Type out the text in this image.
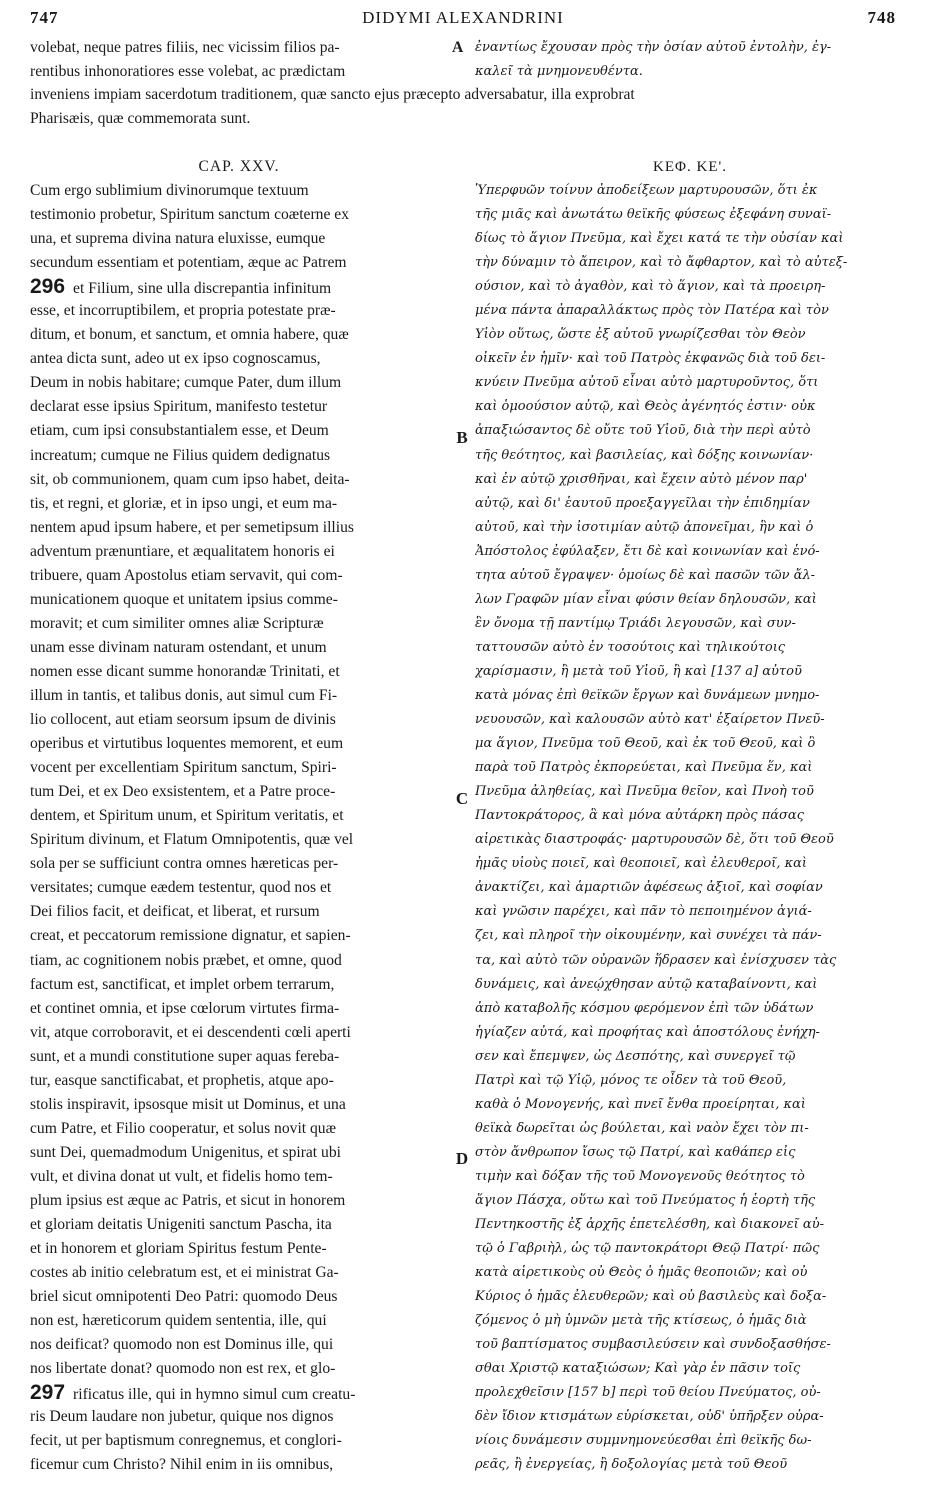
747	DIDYMI ALEXANDRINI	748
volebat, neque patres filiis, nec vicissim filios pa-	A ἐναντίως ἔχουσαν πρὸς τὴν ὁσίαν αὐτοῦ ἐντολὴν, ἐγ-
rentibus inhonoratiores esse volebat, ac prædictam	καλεῖ τὰ μνημονευθέντα.
inveniens impiam sacerdotum traditionem, quæ sancto ejus præcepto adversabatur, illa exprobrat
Pharisæis, quæ commemorata sunt.
CAP. XXV.
Cum ergo sublimium divinorumque textuum
testimonio probetur, Spiritum sanctum coæterne ex
una, et suprema divina natura eluxisse, eumque
secundum essentiam et potentiam, æque ac Patrem
296 et Filium, sine ulla discrepantia infinitum
esse, et incorruptibilem, et propria potestate præ-
ditum, et bonum, et sanctum, et omnia habere, quæ
antea dicta sunt, adeo ut ex ipso cognoscamus,
Deum in nobis habitare; cumque Pater, dum illum
declarat esse ipsius Spiritum, manifesto testetur
etiam, cum ipsi consubstantialem esse, et Deum
increatum; cumque ne Filius quidem dedignatus
sit, ob communionem, quam cum ipso habet, deita-
tis, et regni, et gloriæ, et in ipso ungi, et eum ma-
nentem apud ipsum habere, et per semetipsum illius
adventum prænuntiare, et æqualitatem honoris ei
tribuere, quam Apostolus etiam servavit, qui com-
municationem quoque et unitatem ipsius comme-
moravit; et cum similiter omnes aliæ Scripturæ
unam esse divinam naturam ostendant, et unum
nomen esse dicant summe honorandæ Trinitati, et
illum in tantis, et talibus donis, aut simul cum Fi-
lio collocent, aut etiam seorsum ipsum de divinis
operibus et virtutibus loquentes memorent, et eum
vocent per excellentiam Spiritum sanctum, Spiri-
tum Dei, et ex Deo exsistentem, et a Patre proce-
dentem, et Spiritum unum, et Spiritum veritatis, et
Spiritum divinum, et Flatum Omnipotentis, quæ vel
sola per se sufficiunt contra omnes hæreticas per-
versitates; cumque eædem testentur, quod nos et
Dei filios facit, et deificat, et liberat, et rursum
creat, et peccatorum remissione dignatur, et sapien-
tiam, ac cognitionem nobis præbet, et omne, quod
factum est, sanctificat, et implet orbem terrarum,
et continet omnia, et ipse cœlorum virtutes firma-
vit, atque corroboravit, et ei descendenti cœli aperti
sunt, et a mundi constitutione super aquas fereba-
tur, easque sanctificabat, et prophetis, atque apo-
stolis inspiravit, ipsosque misit ut Dominus, et una
cum Patre, et Filio cooperatur, et solus novit quæ
sunt Dei, quemadmodum Unigenitus, et spirat ubi
vult, et divina donat ut vult, et fidelis homo tem-
plum ipsius est æque ac Patris, et sicut in honorem
et gloriam deitatis Unigeniti sanctum Pascha, ita
et in honorem et gloriam Spiritus festum Pente-
costes ab initio celebratum est, et ei ministrat Ga-
briel sicut omnipotenti Deo Patri: quomodo Deus
non est, hæreticorum quidem sententia, ille, qui
nos deificat? quomodo non est Dominus ille, qui
nos libertate donat? quomodo non est rex, et glo-
297 rificatus ille, qui in hymno simul cum creatu-
ris Deum laudare non jubetur, quique nos dignos
fecit, ut per baptismum conregnemus, et conglori-
ficemur cum Christo? Nihil enim in iis omnibus,
ΚΕΦ. ΚΕ'.
Ὑπερφυῶν τοίνυν ἀποδείξεων μαρτυρουσῶν, ὅτι ἐκ
τῆς μιᾶς καὶ ἀνωτάτω θεϊκῆς φύσεως ἐξεφάνη συναϊ-
δίως τὸ ἅγιον Πνεῦμα, καὶ ἔχει κατά τε τὴν οὐσίαν καὶ
τὴν δύναμιν τὸ ἄπειρον, καὶ τὸ ἄφθαρτον, καὶ τὸ αὐτεξ-
ούσιον, καὶ τὸ ἀγαθὸν, καὶ τὸ ἅγιον, καὶ τὰ προειρη-
μένα πάντα ἀπαραλλάκτως πρὸς τὸν Πατέρα καὶ τὸν
Υἱὸν οὕτως, ὥστε ἐξ αὐτοῦ γνωρίζεσθαι τὸν Θεὸν
οἰκεῖν ἐν ἡμῖν· καὶ τοῦ Πατρὸς ἐκφανῶς διὰ τοῦ δει-
κνύειν Πνεῦμα αὐτοῦ εἶναι αὐτὸ μαρτυροῦντος, ὅτι
καὶ ὁμοούσιον αὐτῷ, καὶ Θεὸς ἀγένητός ἐστιν· οὐκ
ἀπαξιώσαντος δὲ οὔτε τοῦ Υἱοῦ, διὰ τὴν περὶ αὐτὸ
τῆς θεότητος, καὶ βασιλείας, καὶ δόξης κοινωνίαν·
καὶ ἐν αὐτῷ χρισθῆναι, καὶ ἔχειν αὐτὸ μένον παρ'
αὐτῷ, καὶ δι' ἑαυτοῦ προεξαγγεῖλαι τὴν ἐπιδημίαν
αὐτοῦ, καὶ τὴν ἰσοτιμίαν αὐτῷ ἀπονεῖμαι, ἣν καὶ ὁ
Ἀπόστολος ἐφύλαξεν, ἔτι δὲ καὶ κοινωνίαν καὶ ἑνό-
τητα αὐτοῦ ἔγραψεν· ὁμοίως δὲ καὶ πασῶν τῶν ἄλ-
λων Γραφῶν μίαν εἶναι φύσιν θείαν δηλουσῶν, καὶ
ἓν ὄνομα τῇ παντίμῳ Τριάδι λεγουσῶν, καὶ συν-
ταττουσῶν αὐτὸ ἐν τοσούτοις καὶ τηλικούτοις
χαρίσμασιν, ἢ μετὰ τοῦ Υἱοῦ, ἢ καὶ [137 a] αὐτοῦ
κατὰ μόνας ἐπὶ θεϊκῶν ἔργων καὶ δυνάμεων μνημο-
νευουσῶν, καὶ καλουσῶν αὐτὸ κατ' ἐξαίρετον Πνεῦ-
μα ἅγιον, Πνεῦμα τοῦ Θεοῦ, καὶ ἐκ τοῦ Θεοῦ, καὶ ὃ
παρὰ τοῦ Πατρὸς ἐκπορεύεται, καὶ Πνεῦμα ἕν, καὶ
Πνεῦμα ἀληθείας, καὶ Πνεῦμα θεῖον, καὶ Πνοὴ τοῦ
Παντοκράτορος, ἃ καὶ μόνα αὐτάρκη πρὸς πάσας
αἱρετικὰς διαστροφάς· μαρτυρουσῶν δὲ, ὅτι τοῦ Θεοῦ
ἡμᾶς υἱοὺς ποιεῖ, καὶ θεοποιεῖ, καὶ ἐλευθεροῖ, καὶ
ἀνακτίζει, καὶ ἁμαρτιῶν ἀφέσεως ἀξιοῖ, καὶ σοφίαν
καὶ γνῶσιν παρέχει, καὶ πᾶν τὸ πεποιημένον ἁγιά-
ζει, καὶ πληροῖ τὴν οἰκουμένην, καὶ συνέχει τὰ πάν-
τα, καὶ αὐτὸ τῶν οὐρανῶν ἥδρασεν καὶ ἐνίσχυσεν τὰς
δυνάμεις, καὶ ἀνεῴχθησαν αὐτῷ καταβαίνοντι, καὶ
ἀπὸ καταβολῆς κόσμου φερόμενον ἐπὶ τῶν ὑδάτων
ἡγίαζεν αὐτά, καὶ προφήτας καὶ ἀποστόλους ἐνήχη-
σεν καὶ ἔπεμψεν, ὡς Δεσπότης, καὶ συνεργεῖ τῷ
Πατρὶ καὶ τῷ Υἱῷ, μόνος τε οἶδεν τὰ τοῦ Θεοῦ,
καθὰ ὁ Μονογενής, καὶ πνεῖ ἔνθα προείρηται, καὶ
θεϊκὰ δωρεῖται ὡς βούλεται, καὶ ναὸν ἔχει τὸν πι-
στὸν ἄνθρωπον ἴσως τῷ Πατρί, καὶ καθάπερ εἰς
τιμὴν καὶ δόξαν τῆς τοῦ Μονογενοῦς θεότητος τὸ
ἅγιον Πάσχα, οὕτω καὶ τοῦ Πνεύματος ἡ ἑορτὴ τῆς
Πεντηκοστῆς ἐξ ἀρχῆς ἐπετελέσθη, καὶ διακονεῖ αὐ-
τῷ ὁ Γαβριὴλ, ὡς τῷ παντοκράτορι Θεῷ Πατρί· πῶς
κατὰ αἱρετικοὺς οὐ Θεὸς ὁ ἡμᾶς θεοποιῶν; καὶ οὐ
Κύριος ὁ ἡμᾶς ἐλευθερῶν; καὶ οὐ βασιλεὺς καὶ δοξα-
ζόμενος ὁ μὴ ὑμνῶν μετὰ τῆς κτίσεως, ὁ ἡμᾶς διὰ
τοῦ βαπτίσματος συμβασιλεύσειν καὶ συνδοξασθήσε-
σθαι Χριστῷ καταξιώσων; Καὶ γὰρ ἐν πᾶσιν τοῖς
προλεχθεῖσιν [157 b] περὶ τοῦ θείου Πνεύματος, οὐ-
δὲν ἴδιον κτισμάτων εὑρίσκεται, οὐδ' ὑπῆρξεν οὐρα-
νίοις δυνάμεσιν συμμνημονεύεσθαι ἐπὶ θεϊκῆς δω-
ρεᾶς, ἢ ἐνεργείας, ἢ δοξολογίας μετὰ τοῦ Θεοῦ
B
C
D
